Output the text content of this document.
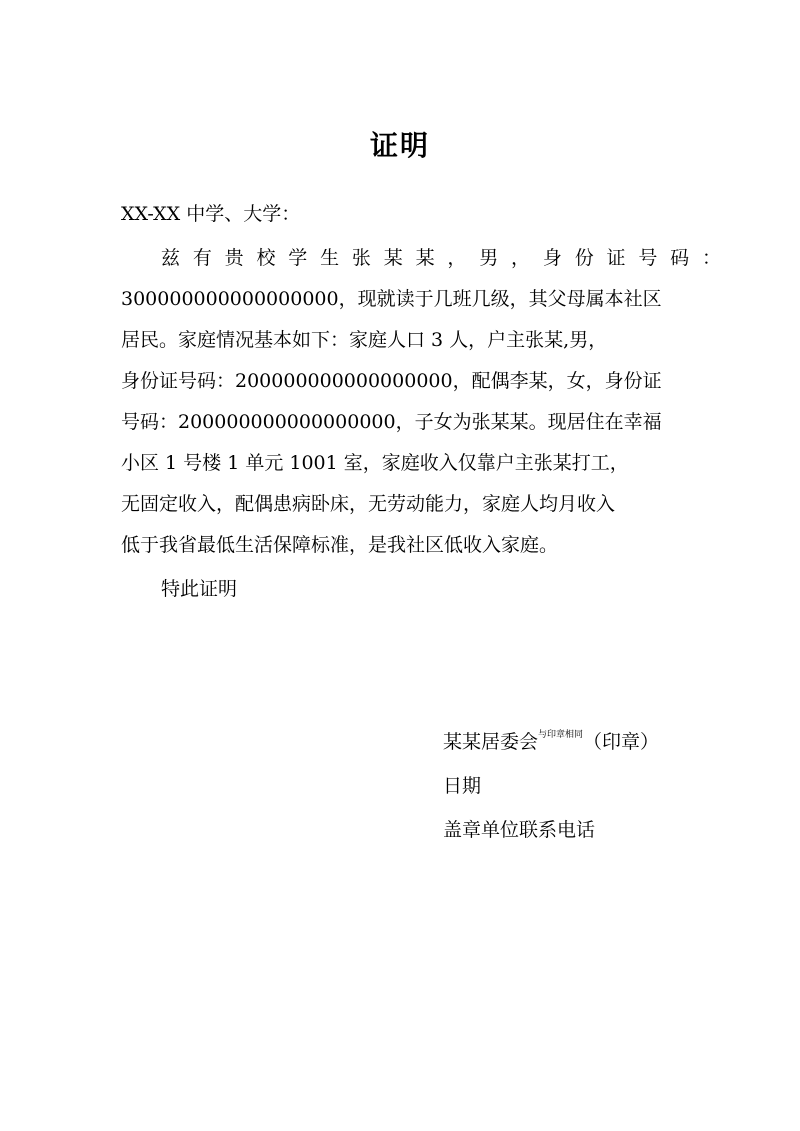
证明
XX-XX 中学、大学：
兹有贵校学生张某某，男，身份证号码：
300000000000000000，现就读于几班几级，其父母属本社区
居民。家庭情况基本如下：家庭人口 3 人，户主张某,男，
身份证号码：200000000000000000，配偶李某，女，身份证
号码：200000000000000000，子女为张某某。现居住在幸福
小区 1 号楼 1 单元 1001 室，家庭收入仅靠户主张某打工，
无固定收入，配偶患病卧床，无劳动能力，家庭人均月收入
低于我省最低生活保障标准，是我社区低收入家庭。
特此证明
某某居委会$^{与印章相同}$（印章）
日期
盖章单位联系电话
